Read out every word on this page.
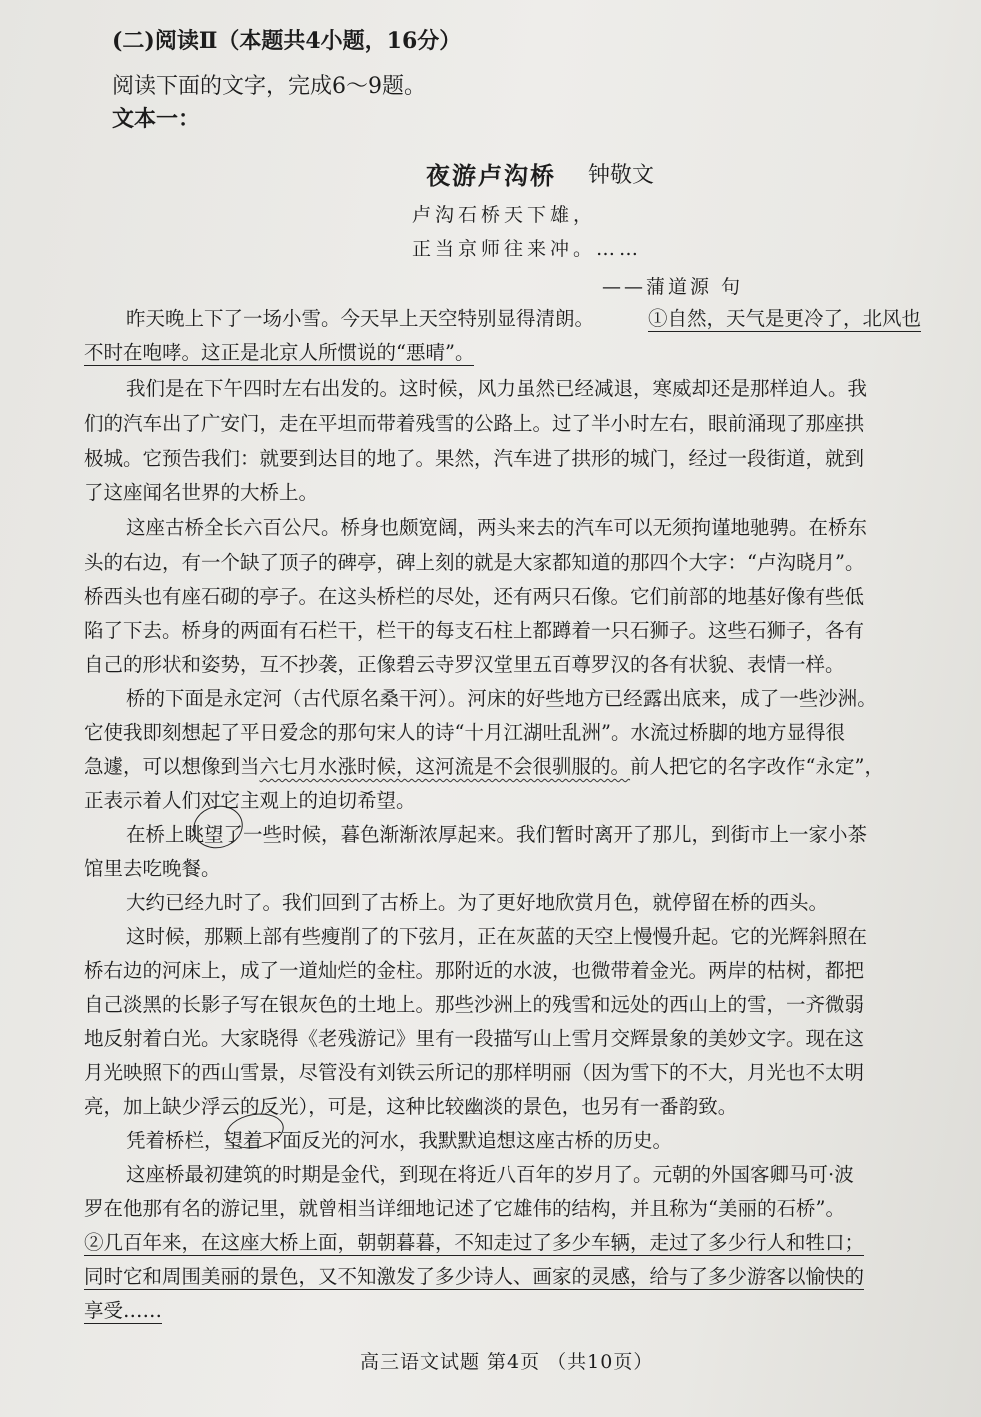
(二)阅读Ⅱ（本题共4小题，16分）
阅读下面的文字，完成6～9题。
文本一：
夜游卢沟桥 钟敬文
卢沟石桥天下雄，
正当京师往来冲。……
——蒲道源 句
昨天晚上下了一场小雪。今天早上天空特别显得清朗。	①自然，天气是更冷了，北风也
不时在咆哮。这正是北京人所惯说的“悪晴”。
我们是在下午四时左右出发的。这时候，风力虽然已经减退，寒威却还是那样迫人。我
们的汽车出了广安门，走在平坦而带着残雪的公路上。过了半小时左右，眼前涌现了那座拱
极城。它预告我们：就要到达目的地了。果然，汽车进了拱形的城门，经过一段街道，就到
了这座闻名世界的大桥上。
这座古桥全长六百公尺。桥身也颇宽阔，两头来去的汽车可以无须拘谨地驰骋。在桥东
头的右边，有一个缺了顶子的碑亭，碑上刻的就是大家都知道的那四个大字：“卢沟晓月”。
桥西头也有座石砌的亭子。在这头桥栏的尽处，还有两只石像。它们前部的地基好像有些低
陷了下去。桥身的两面有石栏干，栏干的每支石柱上都蹲着一只石狮子。这些石狮子，各有
自己的形状和姿势，互不抄袭，正像碧云寺罗汉堂里五百尊罗汉的各有状貌、表情一样。
桥的下面是永定河（古代原名桑干河）。河床的好些地方已经露出底来，成了一些沙洲。
它使我即刻想起了平日爱念的那句宋人的诗“十月江湖吐乱洲”。水流过桥脚的地方显得很
急遽，可以想像到当六七月水涨时候，这河流是不会很驯服的。前人把它的名字改作“永定”，
正表示着人们对它主观上的迫切希望。
在桥上眺望了一些时候，暮色渐渐浓厚起来。我们暂时离开了那儿，到街市上一家小茶
馆里去吃晚餐。
大约已经九时了。我们回到了古桥上。为了更好地欣赏月色，就停留在桥的西头。
这时候，那颗上部有些瘦削了的下弦月，正在灰蓝的天空上慢慢升起。它的光辉斜照在
桥右边的河床上，成了一道灿烂的金柱。那附近的水波，也微带着金光。两岸的枯树，都把
自己淡黑的长影子写在银灰色的土地上。那些沙洲上的残雪和远处的西山上的雪，一齐微弱
地反射着白光。大家晓得《老残游记》里有一段描写山上雪月交辉景象的美妙文字。现在这
月光映照下的西山雪景，尽管没有刘铁云所记的那样明丽（因为雪下的不大，月光也不太明
亮，加上缺少浮云的反光），可是，这种比较幽淡的景色，也另有一番韵致。
凭着桥栏，望着下面反光的河水，我默默追想这座古桥的历史。
这座桥最初建筑的时期是金代，到现在将近八百年的岁月了。元朝的外国客卿马可·波
罗在他那有名的游记里，就曾相当详细地记述了它雄伟的结构，并且称为“美丽的石桥”。
②几百年来，在这座大桥上面，朝朝暮暮，不知走过了多少车辆，走过了多少行人和牲口；
同时它和周围美丽的景色，又不知激发了多少诗人、画家的灵感，给与了多少游客以愉快的
享受……
高三语文试题 第4页 （共10页）
